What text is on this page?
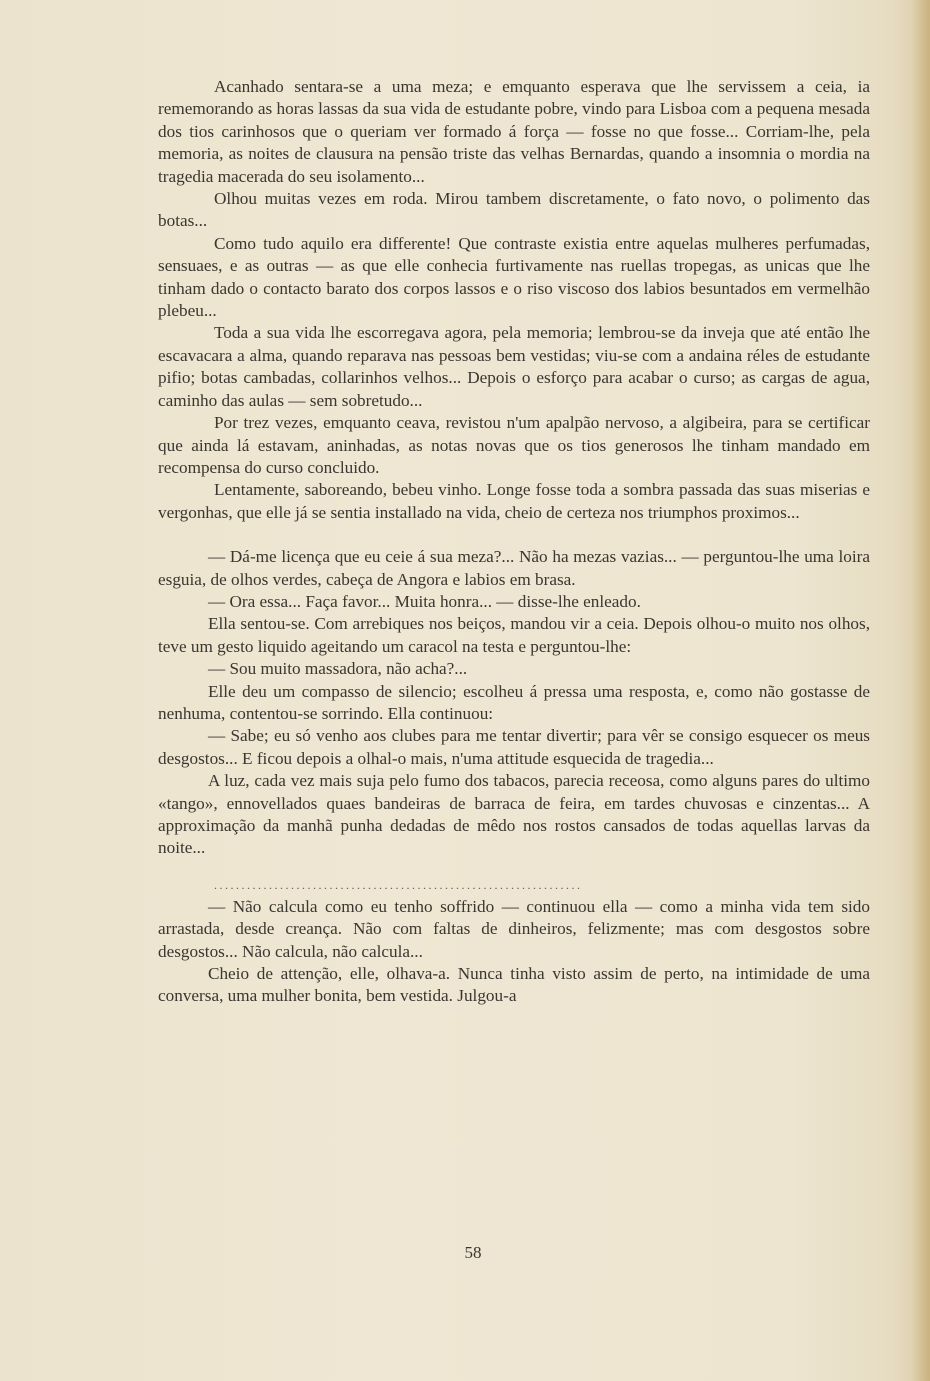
Acanhado sentara-se a uma meza; e emquanto esperava que lhe servissem a ceia, ia rememorando as horas lassas da sua vida de estudante pobre, vindo para Lisboa com a pequena mesada dos tios carinhosos que o queriam ver formado á força — fosse no que fosse... Corriam-lhe, pela memoria, as noites de clausura na pensão triste das velhas Bernardas, quando a insomnia o mordia na tragedia macerada do seu isolamento...

Olhou muitas vezes em roda. Mirou tambem discretamente, o fato novo, o polimento das botas...

Como tudo aquilo era differente! Que contraste existia entre aquelas mulheres perfumadas, sensuaes, e as outras — as que elle conhecia furtivamente nas ruellas tropegas, as unicas que lhe tinham dado o contacto barato dos corpos lassos e o riso viscoso dos labios besuntados em vermelhão plebeu...

Toda a sua vida lhe escorregava agora, pela memoria; lembrou-se da inveja que até então lhe escavacara a alma, quando reparava nas pessoas bem vestidas; viu-se com a andaina réles de estudante pifio; botas cambadas, collarinhos velhos... Depois o esforço para acabar o curso; as cargas de agua, caminho das aulas — sem sobretudo...

Por trez vezes, emquanto ceava, revistou n'um apalpão nervoso, a algibeira, para se certificar que ainda lá estavam, aninhadas, as notas novas que os tios generosos lhe tinham mandado em recompensa do curso concluido.

Lentamente, saboreando, bebeu vinho. Longe fosse toda a sombra passada das suas miserias e vergonhas, que elle já se sentia installado na vida, cheio de certeza nos triumphos proximos...

— Dá-me licença que eu ceie á sua meza?... Não ha mezas vazias... — perguntou-lhe uma loira esguia, de olhos verdes, cabeça de Angora e labios em brasa.

— Ora essa... Faça favor... Muita honra... — disse-lhe enleado.

Ella sentou-se. Com arrebiques nos beiços, mandou vir a ceia. Depois olhou-o muito nos olhos, teve um gesto liquido ageitando um caracol na testa e perguntou-lhe:

— Sou muito massadora, não acha?...

Elle deu um compasso de silencio; escolheu á pressa uma resposta, e, como não gostasse de nenhuma, contentou-se sorrindo. Ella continuou:

— Sabe; eu só venho aos clubes para me tentar divertir; para vêr se consigo esquecer os meus desgostos... E ficou depois a olhal-o mais, n'uma attitude esquecida de tragedia...

A luz, cada vez mais suja pelo fumo dos tabacos, parecia receosa, como alguns pares do ultimo «tango», ennovellados quaes bandeiras de barraca de feira, em tardes chuvosas e cinzentas... A approximação da manhã punha dedadas de mêdo nos rostos cansados de todas aquellas larvas da noite...

...................................................................

— Não calcula como eu tenho soffrido — continuou ella — como a minha vida tem sido arrastada, desde creança. Não com faltas de dinheiros, felizmente; mas com desgostos sobre desgostos... Não calcula, não calcula...

Cheio de attenção, elle, olhava-a. Nunca tinha visto assim de perto, na intimidade de uma conversa, uma mulher bonita, bem vestida. Julgou-a

58
